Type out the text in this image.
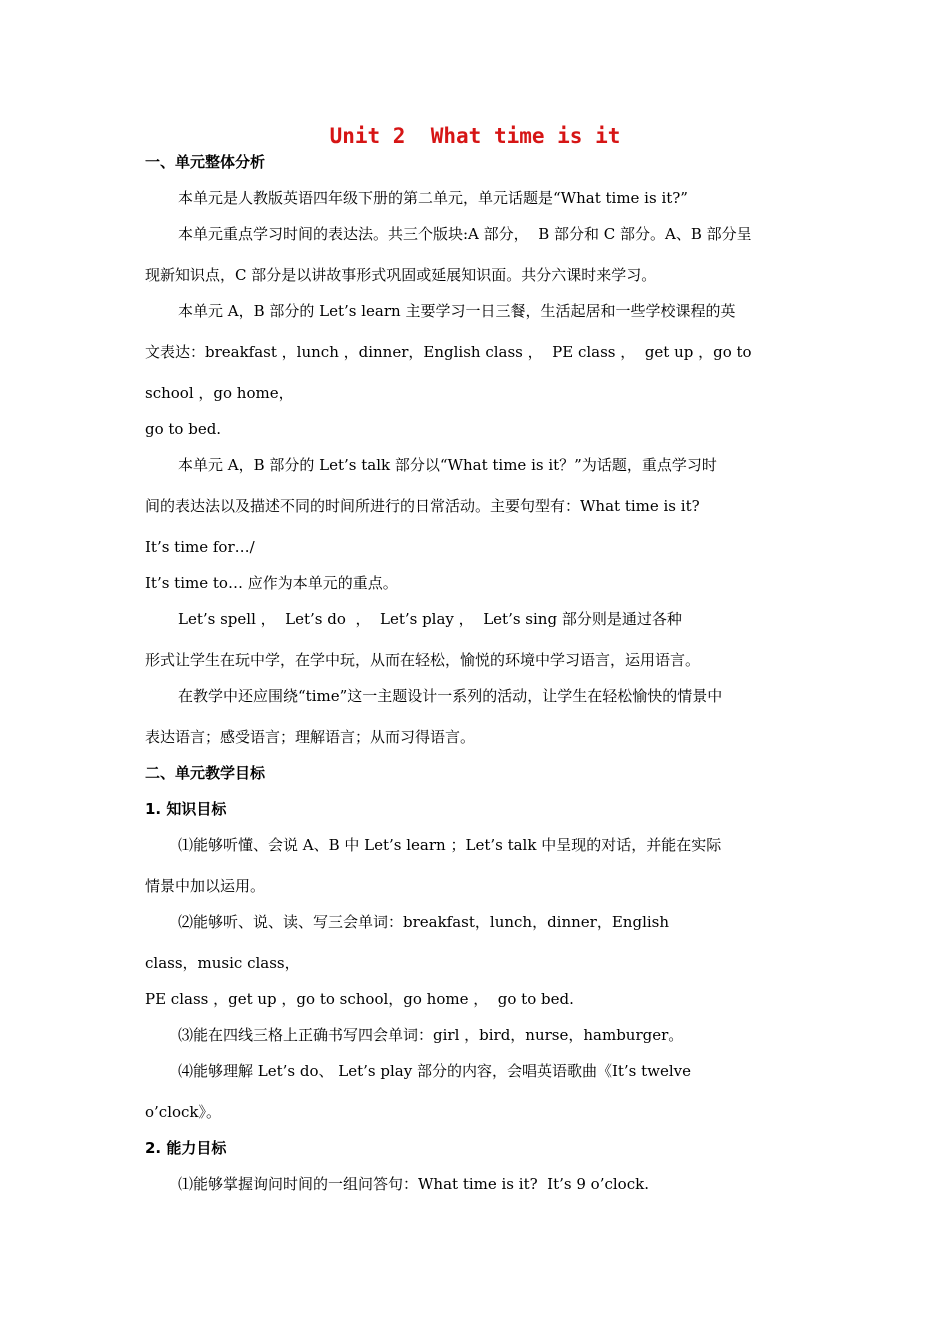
Unit 2  What time is it

一、单元整体分析

本单元是人教版英语四年级下册的第二单元，单元话题是“What time is it?”

本单元重点学习时间的表达法。共三个版块:A 部分，  B 部分和 C 部分。A、B 部分呈

现新知识点，C 部分是以讲故事形式巩固或延展知识面。共分六课时来学习。

本单元 A，B 部分的 Let’s learn 主要学习一日三餐，生活起居和一些学校课程的英

文表达：breakfast ，lunch ，dinner，English class ，  PE class ，  get up ，go to

school ，go home，

go to bed.

本单元 A，B 部分的 Let’s talk 部分以“What time is it？”为话题，重点学习时

间的表达法以及描述不同的时间所进行的日常活动。主要句型有：What time is it?

It’s time for…/

It’s time to… 应作为本单元的重点。

Let’s spell ，  Let’s do  ，  Let’s play ，  Let’s sing 部分则是通过各种

形式让学生在玩中学，在学中玩，从而在轻松，愉悦的环境中学习语言，运用语言。

在教学中还应围绕“time”这一主题设计一系列的活动，让学生在轻松愉快的情景中

表达语言；感受语言；理解语言；从而习得语言。

二、单元教学目标

1. 知识目标

⑴能够听懂、会说 A、B 中 Let’s learn ；Let’s talk 中呈现的对话，并能在实际

情景中加以运用。

⑵能够听、说、读、写三会单词：breakfast，lunch，dinner，English

class，music class，

PE class ，get up ，go to school，go home ，  go to bed.

⑶能在四线三格上正确书写四会单词：girl ，bird，nurse，hamburger。

⑷能够理解 Let’s do、 Let’s play 部分的内容，会唱英语歌曲《It’s twelve

o’clock》。

2. 能力目标

⑴能够掌握询问时间的一组问答句：What time is it?  It’s 9 o’clock.
